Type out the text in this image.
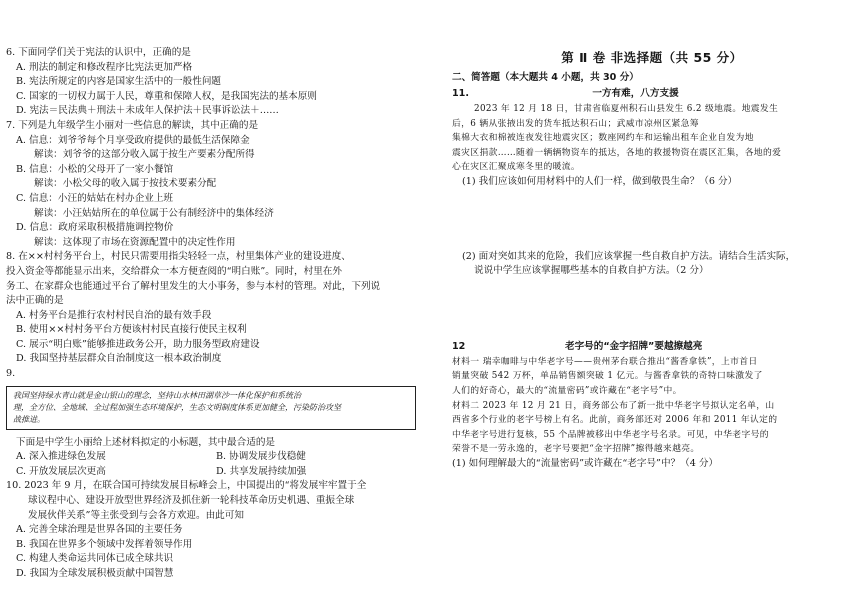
6. 下面同学们关于宪法的认识中，正确的是
A. 刑法的制定和修改程序比宪法更加严格
B. 宪法所规定的内容是国家生活中的一般性问题
C. 国家的一切权力属于人民，尊重和保障人权，是我国宪法的基本原则
D. 宪法＝民法典＋刑法＋未成年人保护法＋民事诉讼法＋……
7. 下列是九年级学生小丽对一些信息的解读，其中正确的是
A. 信息：刘爷爷每个月享受政府提供的最低生活保障金
解读：刘爷爷的这部分收入属于按生产要素分配所得
B. 信息：小松的父母开了一家小餐馆
解读：小松父母的收入属于按技术要素分配
C. 信息：小汪的姑姑在村办企业上班
解读：小汪姑姑所在的单位属于公有制经济中的集体经济
D. 信息：政府采取积极措施调控物价
解读：这体现了市场在资源配置中的决定性作用
8. 在××村村务平台上，村民只需要用指尖轻轻一点，村里集体产业的建设进度、
投入资金等都能显示出来，交给群众一本方便查阅的“明白账”。同时，村里在外
务工、在家群众也能通过平台了解村里发生的大小事务，参与本村的管理。对此，下列说
法中正确的是
A. 村务平台是推行农村村民自治的最有效手段
B. 使用××村村务平台方便该村村民直接行使民主权利
C. 展示“明白账”能够推进政务公开，助力服务型政府建设
D. 我国坚持基层群众自治制度这一根本政治制度
9.
我国坚持绿水青山就是金山银山的理念，坚持山水林田湖草沙一体化保护和系统治
理，全方位、全地域、全过程加强生态环境保护，生态文明制度体系更加健全，污染防治攻坚
战推进。
下面是中学生小丽给上述材料拟定的小标题，其中最合适的是
A. 深入推进绿色发展	B. 协调发展步伐稳健
C. 开放发展层次更高	D. 共享发展持续加强
10. 2023 年 9 月，在联合国可持续发展目标峰会上，中国提出的“将发展牢牢置于全
球议程中心、建设开放型世界经济及抓住新一轮科技革命历史机遇、重振全球
发展伙伴关系”等主张受到与会各方欢迎。由此可知
A. 完善全球治理是世界各国的主要任务
B. 我国在世界多个领域中发挥着领导作用
C. 构建人类命运共同体已成全球共识
D. 我国为全球发展积极贡献中国智慧
第 Ⅱ 卷 非选择题（共 55 分）
二、简答题（本大题共 4 小题，共 30 分）
11.	一方有难，八方支援
2023 年 12 月 18 日，甘肃省临夏州积石山县发生 6.2 级地震。地震发生
后，6 辆从张掖出发的货车抵达积石山；武威市凉州区紧急筹
集棉大衣和棉被连夜发往地震灾区；数座网约车和运输出租车企业自发为地
震灾区捐款……随着一辆辆物资车的抵达，各地的救援物资在震区汇集，各地的爱
心在灾区汇聚成寒冬里的暖流。
(1) 我们应该如何用材料中的人们一样，做到敬畏生命？（6 分）
(2) 面对突如其来的危险，我们应该掌握一些自救自护方法。请结合生活实际，
说说中学生应该掌握哪些基本的自救自护方法。（2 分）
12	老字号的“金字招牌”要越擦越亮
材料一 瑞幸咖啡与中华老字号——贵州茅台联合推出“酱香拿铁”，上市首日
销量突破 542 万杯，单品销售额突破 1 亿元。与酱香拿铁的奇特口味激发了
人们的好奇心，最大的“流量密码”或许藏在“老字号”中。
材料二 2023 年 12 月 21 日，商务部公布了新一批中华老字号拟认定名单，山
西省多个行业的老字号榜上有名。此前，商务部还对 2006 年和 2011 年认定的
中华老字号进行复核，55 个品牌被移出中华老字号名录。可见，中华老字号的
荣誉不是一劳永逸的，老字号要把“金字招牌”擦得越来越亮。
(1) 如何理解最大的“流量密码”或许藏在“老字号”中？（4 分）
